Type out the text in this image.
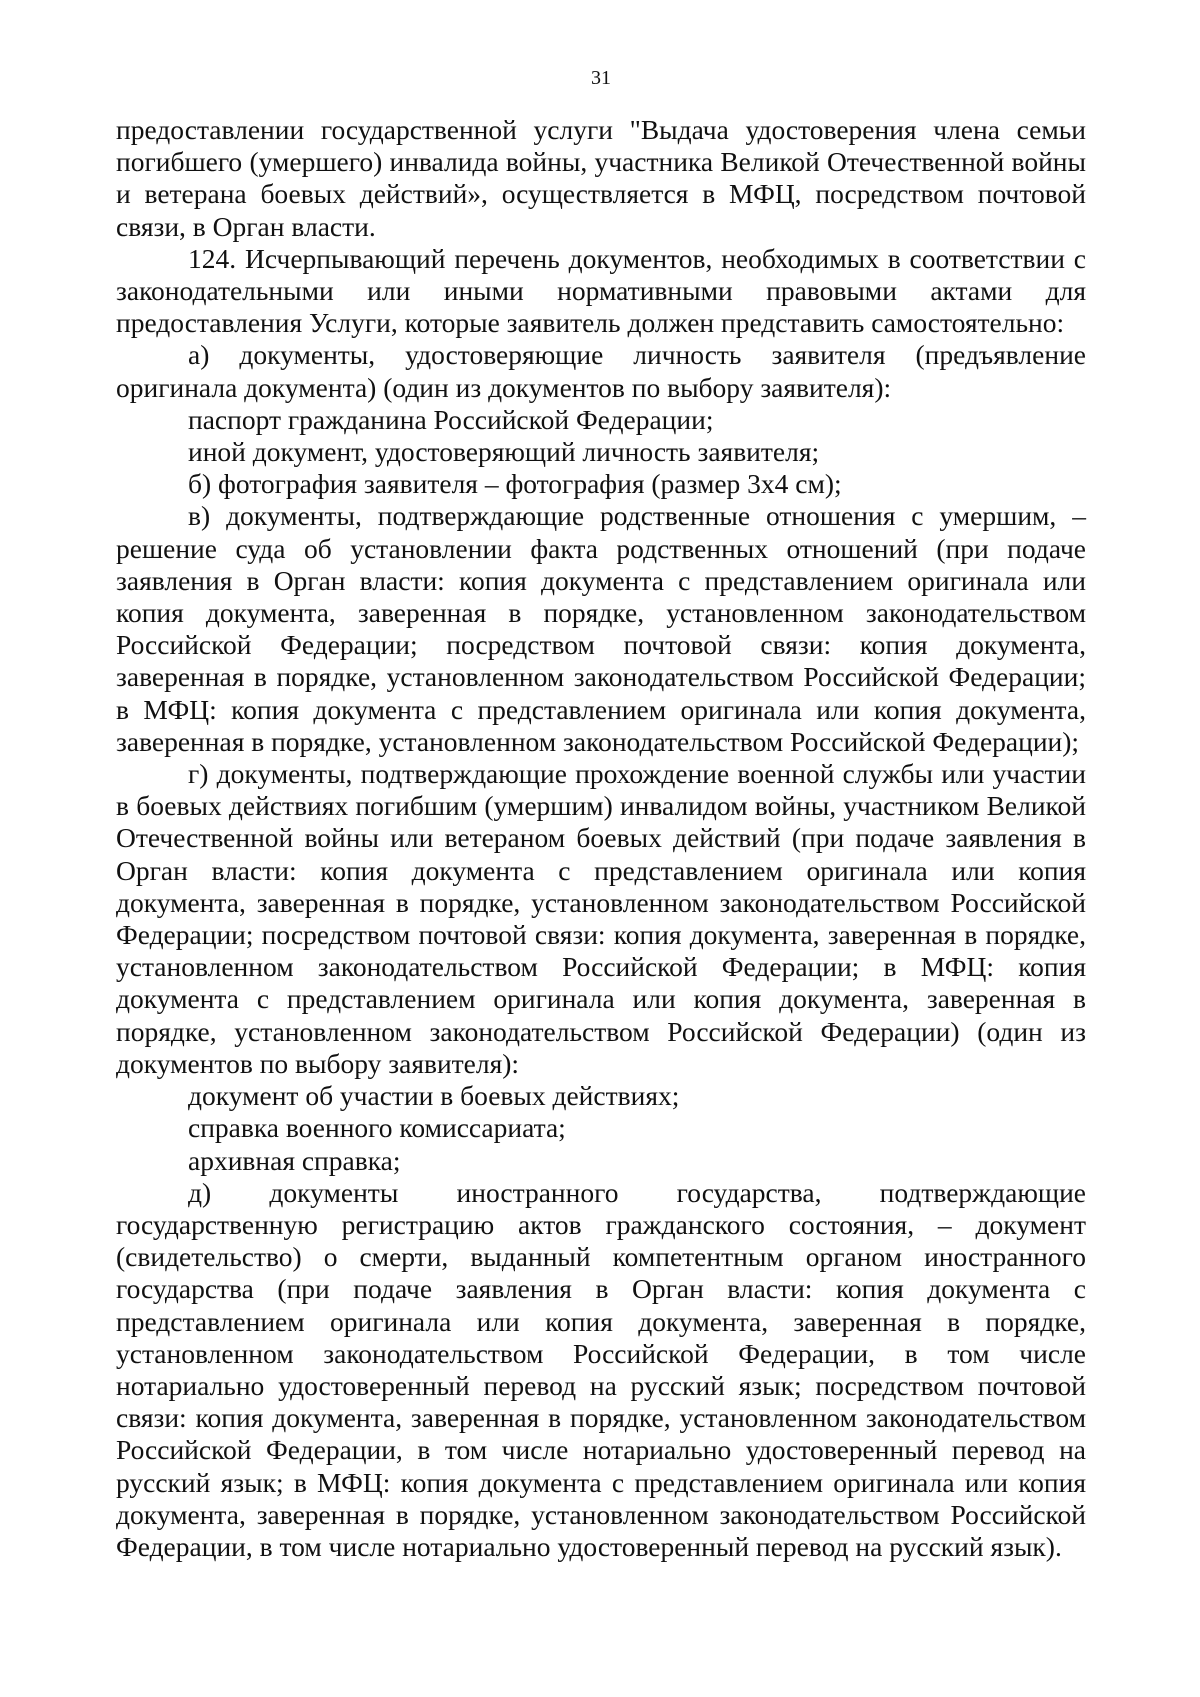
31

предоставлении государственной услуги "Выдача удостоверения члена семьи погибшего (умершего) инвалида войны, участника Великой Отечественной войны и ветерана боевых действий», осуществляется в МФЦ, посредством почтовой связи, в Орган власти.

124. Исчерпывающий перечень документов, необходимых в соответствии с законодательными или иными нормативными правовыми актами для предоставления Услуги, которые заявитель должен представить самостоятельно:

а) документы, удостоверяющие личность заявителя (предъявление оригинала документа) (один из документов по выбору заявителя):

паспорт гражданина Российской Федерации;

иной документ, удостоверяющий личность заявителя;

б) фотография заявителя – фотография (размер 3x4 см);

в) документы, подтверждающие родственные отношения с умершим, – решение суда об установлении факта родственных отношений (при подаче заявления в Орган власти: копия документа с представлением оригинала или копия документа, заверенная в порядке, установленном законодательством Российской Федерации; посредством почтовой связи: копия документа, заверенная в порядке, установленном законодательством Российской Федерации; в МФЦ: копия документа с представлением оригинала или копия документа, заверенная в порядке, установленном законодательством Российской Федерации);

г) документы, подтверждающие прохождение военной службы или участии в боевых действиях погибшим (умершим) инвалидом войны, участником Великой Отечественной войны или ветераном боевых действий (при подаче заявления в Орган власти: копия документа с представлением оригинала или копия документа, заверенная в порядке, установленном законодательством Российской Федерации; посредством почтовой связи: копия документа, заверенная в порядке, установленном законодательством Российской Федерации; в МФЦ: копия документа с представлением оригинала или копия документа, заверенная в порядке, установленном законодательством Российской Федерации) (один из документов по выбору заявителя):

документ об участии в боевых действиях;

справка военного комиссариата;

архивная справка;

д) документы иностранного государства, подтверждающие государственную регистрацию актов гражданского состояния, – документ (свидетельство) о смерти, выданный компетентным органом иностранного государства (при подаче заявления в Орган власти: копия документа с представлением оригинала или копия документа, заверенная в порядке, установленном законодательством Российской Федерации, в том числе нотариально удостоверенный перевод на русский язык; посредством почтовой связи: копия документа, заверенная в порядке, установленном законодательством Российской Федерации, в том числе нотариально удостоверенный перевод на русский язык; в МФЦ: копия документа с представлением оригинала или копия документа, заверенная в порядке, установленном законодательством Российской Федерации, в том числе нотариально удостоверенный перевод на русский язык).
